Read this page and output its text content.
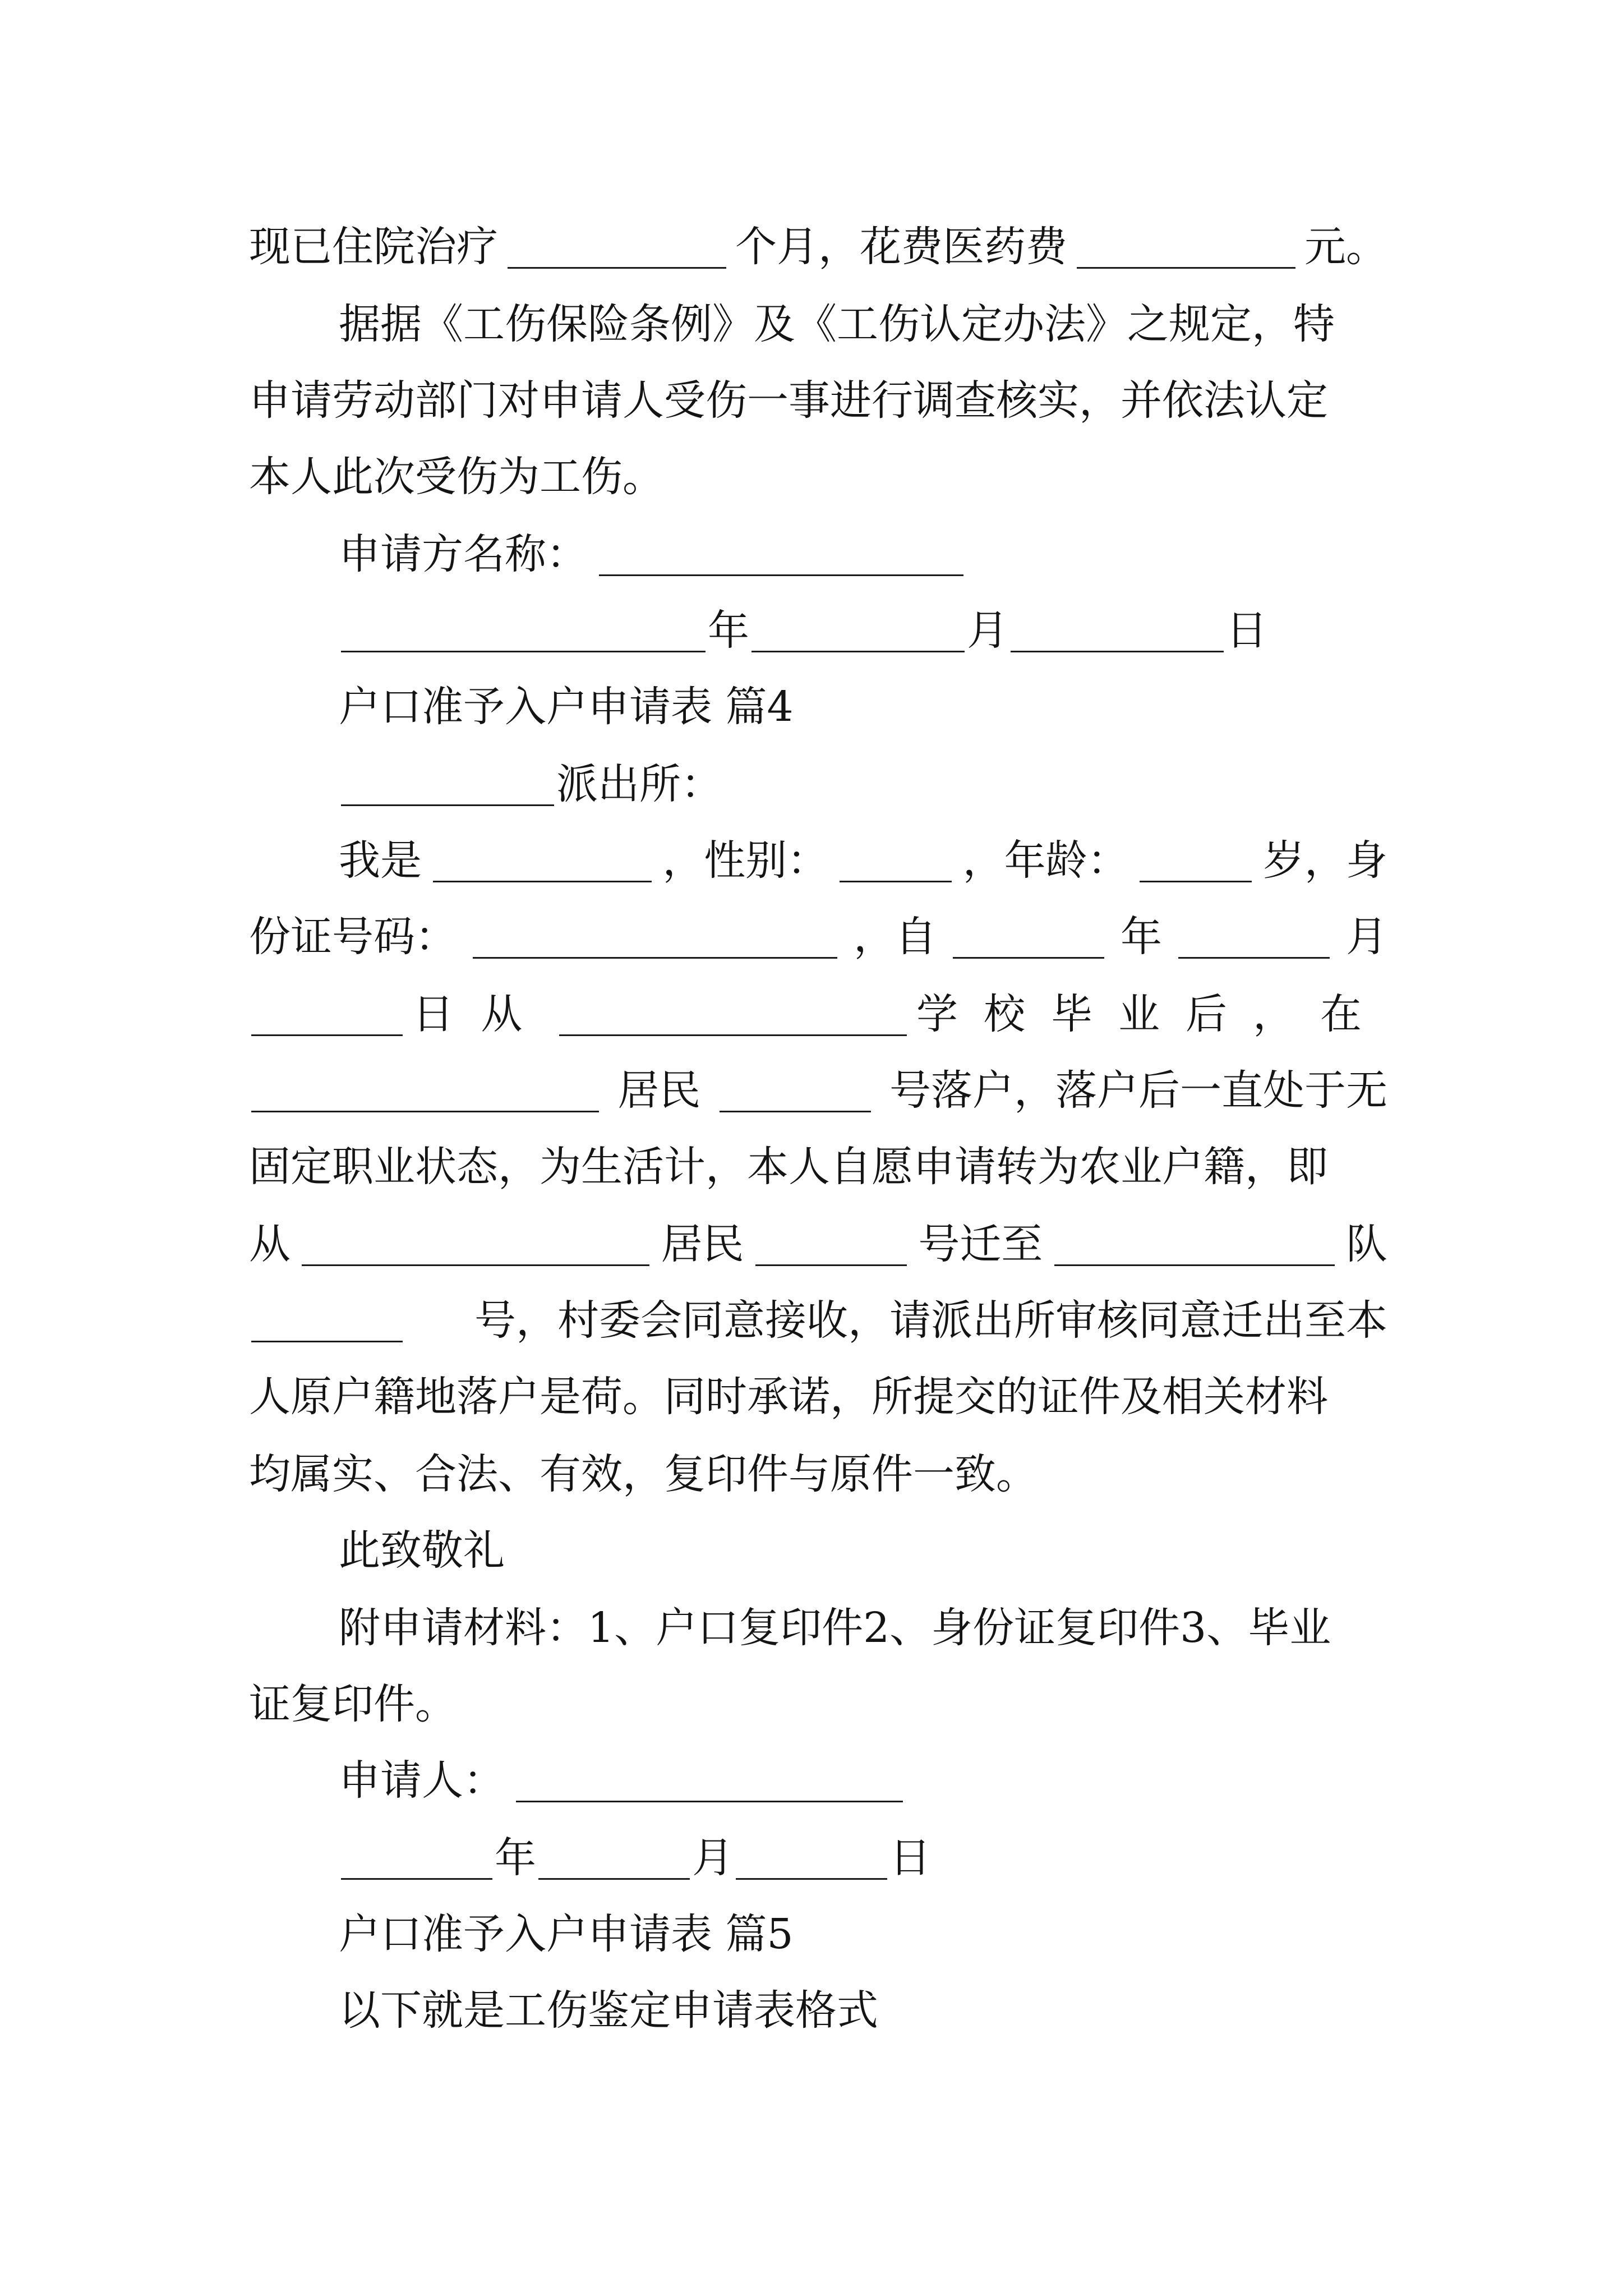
现已住院治疗	个月，花费医药费	元。
据据《工伤保险条例》及《工伤认定办法》之规定，特
申请劳动部门对申请人受伤一事进行调查核实，并依法认定
本人此次受伤为工伤。
申请方名称：
年	月	日
户口准予入户申请表 篇4
派出所：
我是	，性别：	，年龄：	岁，身
份证号码：	，自	年	月
日从	学校毕业后，在
居民	号落户，落户后一直处于无
固定职业状态，为生活计，本人自愿申请转为农业户籍，即
从	居民	号迁至	队
号，村委会同意接收，请派出所审核同意迁出至本
人原户籍地落户是荷。同时承诺，所提交的证件及相关材料
均属实、合法、有效，复印件与原件一致。
此致敬礼
附申请材料：1、户口复印件2、身份证复印件3、毕业
证复印件。
申请人：
年	月	日
户口准予入户申请表 篇5
以下就是工伤鉴定申请表格式
